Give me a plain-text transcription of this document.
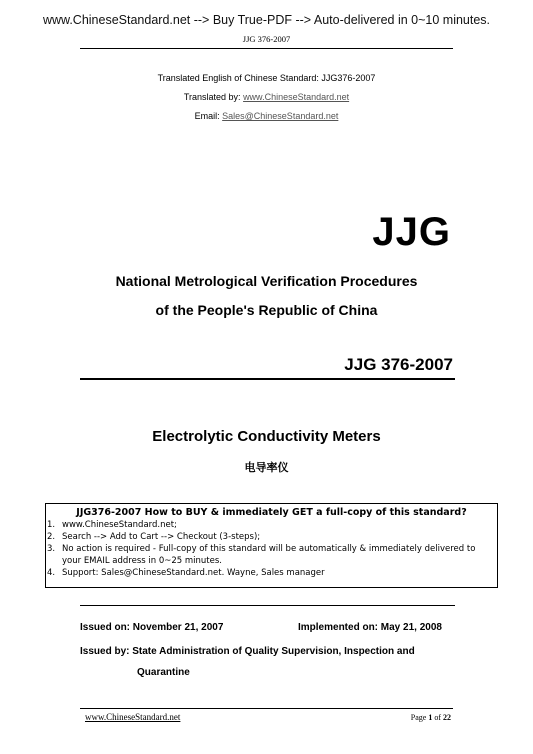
www.ChineseStandard.net --> Buy True-PDF --> Auto-delivered in 0~10 minutes.
JJG 376-2007
Translated English of Chinese Standard: JJG376-2007
Translated by: www.ChineseStandard.net
Email: Sales@ChineseStandard.net
JJG
National Metrological Verification Procedures
of the People's Republic of China
JJG 376-2007
Electrolytic Conductivity Meters
电导率仪
JJG376-2007 How to BUY & immediately GET a full-copy of this standard?
1. www.ChineseStandard.net;
2. Search --> Add to Cart --> Checkout (3-steps);
3. No action is required - Full-copy of this standard will be automatically & immediately delivered to your EMAIL address in 0~25 minutes.
4. Support: Sales@ChineseStandard.net. Wayne, Sales manager
Issued on: November 21, 2007	Implemented on: May 21, 2008
Issued by: State Administration of Quality Supervision, Inspection and
Quarantine
www.ChineseStandard.net	Page 1 of 22
